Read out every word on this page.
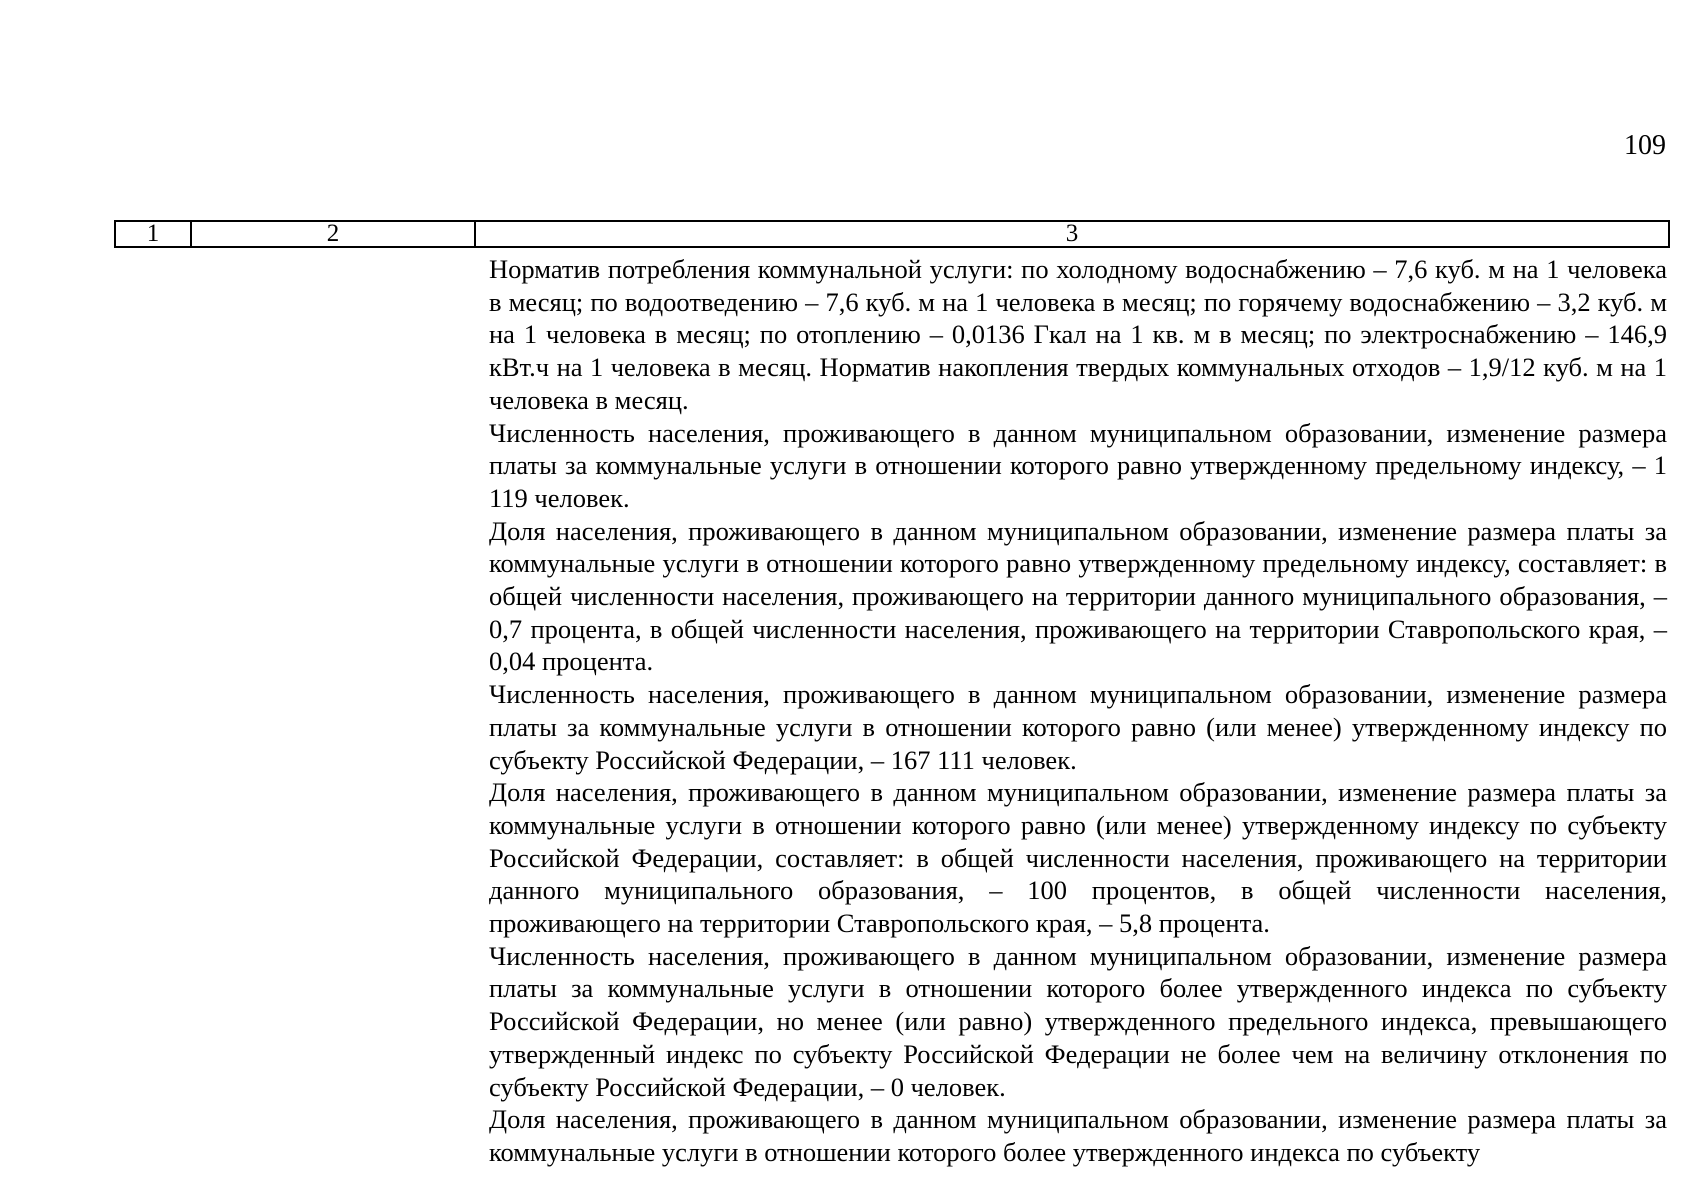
109
1	2	3

Норматив потребления коммунальной услуги: по холодному водоснабжению – 7,6 куб. м на 1 человека в месяц; по водоотведению – 7,6 куб. м на 1 человека в месяц; по горячему водоснабжению – 3,2 куб. м на 1 человека в месяц; по отоплению – 0,0136 Гкал на 1 кв. м в месяц; по электроснабжению – 146,9 кВт.ч на 1 человека в месяц. Норматив накопления твердых коммунальных отходов – 1,9/12 куб. м на 1 человека в месяц.

Численность населения, проживающего в данном муниципальном образовании, изменение размера платы за коммунальные услуги в отношении которого равно утвержденному предельному индексу, – 1 119 человек.

Доля населения, проживающего в данном муниципальном образовании, изменение размера платы за коммунальные услуги в отношении которого равно утвержденному предельному индексу, составляет: в общей численности населения, проживающего на территории данного муниципального образования, – 0,7 процента, в общей численности населения, проживающего на территории Ставропольского края, – 0,04 процента.

Численность населения, проживающего в данном муниципальном образовании, изменение размера платы за коммунальные услуги в отношении которого равно (или менее) утвержденному индексу по субъекту Российской Федерации, – 167 111 человек.

Доля населения, проживающего в данном муниципальном образовании, изменение размера платы за коммунальные услуги в отношении которого равно (или менее) утвержденному индексу по субъекту Российской Федерации, составляет: в общей численности населения, проживающего на территории данного муниципального образования, – 100 процентов, в общей численности населения, проживающего на территории Ставропольского края, – 5,8 процента.

Численность населения, проживающего в данном муниципальном образовании, изменение размера платы за коммунальные услуги в отношении которого более утвержденного индекса по субъекту Российской Федерации, но менее (или равно) утвержденного предельного индекса, превышающего утвержденный индекс по субъекту Российской Федерации не более чем на величину отклонения по субъекту Российской Федерации, – 0 человек.

Доля населения, проживающего в данном муниципальном образовании, изменение размера платы за коммунальные услуги в отношении которого более утвержденного индекса по субъекту
